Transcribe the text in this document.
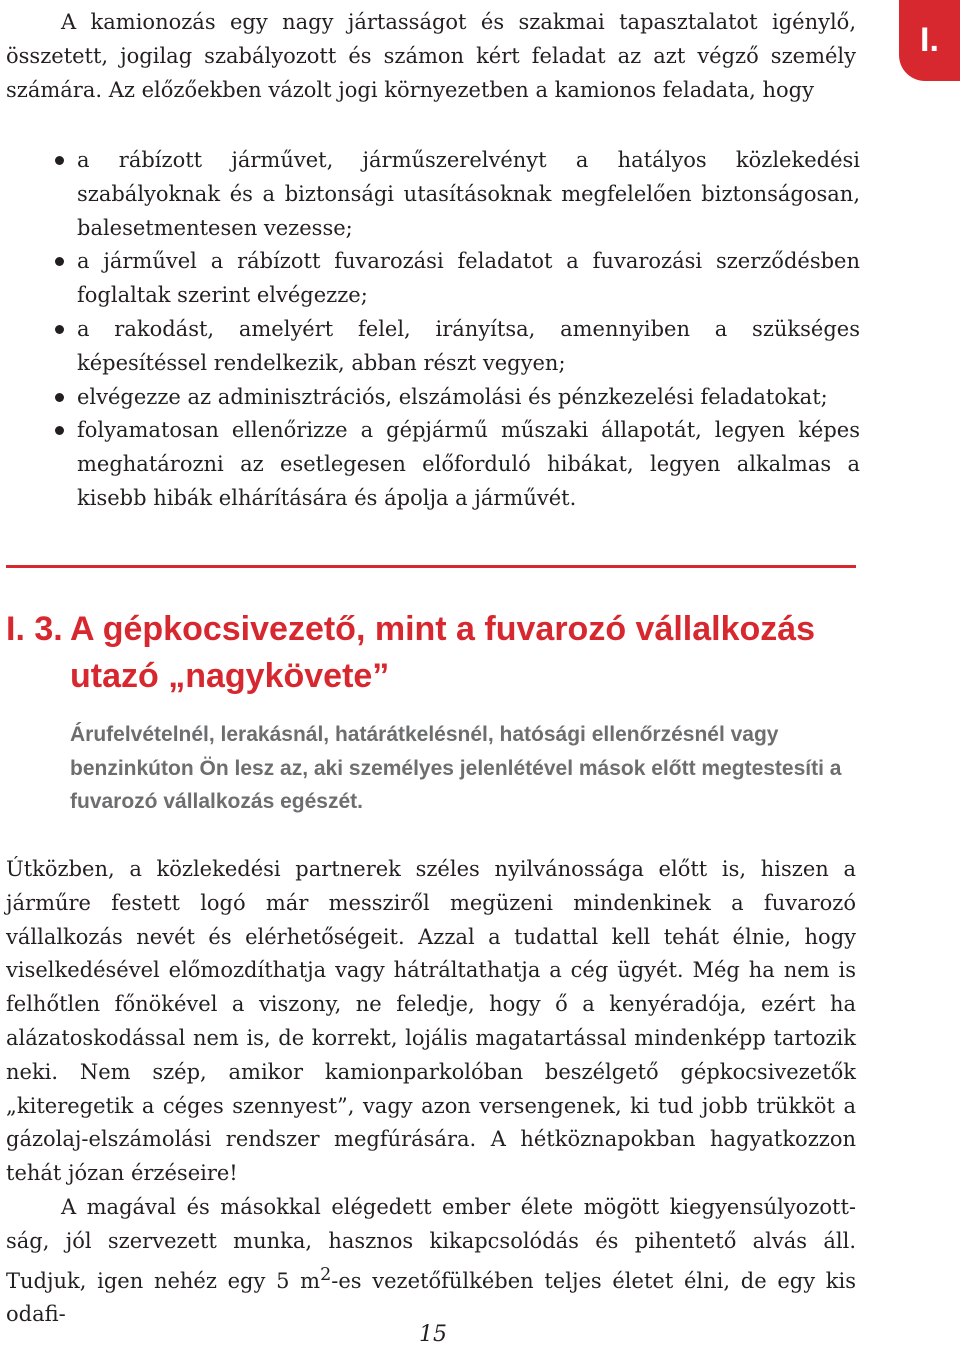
I.

A kamionozás egy nagy jártasságot és szakmai tapasztalatot igénylő, összetett, jogilag szabályozott és számon kért feladat az azt végző személy számára. Az előzőekben vázolt jogi környezetben a kamionos feladata, hogy

a rábízott járművet, járműszerelvényt a hatályos közlekedési szabályoknak és a biztonsági utasításoknak megfelelően biztonságosan, balesetmentesen vezesse;
a járművel a rábízott fuvarozási feladatot a fuvarozási szerződésben foglaltak szerint elvégezze;
a rakodást, amelyért felel, irányítsa, amennyiben a szükséges képesítéssel rendelkezik, abban részt vegyen;
elvégezze az adminisztrációs, elszámolási és pénzkezelési feladatokat;
folyamatosan ellenőrizze a gépjármű műszaki állapotát, legyen képes meghatározni az esetlegesen előforduló hibákat, legyen alkalmas a kisebb hibák elhárítására és ápolja a járművét.
I. 3. A gépkocsivezető, mint a fuvarozó vállalkozás
utazó „nagykövete”

Árufelvételnél, lerakásnál, határátkelésnél, hatósági ellenőrzésnél vagy benzinkúton Ön lesz az, aki személyes jelenlétével mások előtt megtestesíti a fuvarozó vállalkozás egészét.

Útközben, a közlekedési partnerek széles nyilvánossága előtt is, hiszen a járműre festett logó már messziről megüzeni mindenkinek a fuvarozó vállalkozás nevét és elérhetőségeit. Azzal a tudattal kell tehát élnie, hogy viselkedésével előmozdíthatja vagy hátráltathatja a cég ügyét. Még ha nem is felhőtlen főnökével a viszony, ne feledje, hogy ő a kenyéradója, ezért ha alázatoskodással nem is, de korrekt, lojális magatartással mindenképp tartozik neki. Nem szép, amikor kamionparkolóban beszélgető gépkocsivezetők „kiteregetik a céges szennyest”, vagy azon versengenek, ki tud jobb trükköt a gázolaj-elszámolási rendszer megfúrására. A hétköznapokban hagyatkozzon tehát józan érzéseire!

A magával és másokkal elégedett ember élete mögött kiegyensúlyozott-ság, jól szervezett munka, hasznos kikapcsolódás és pihentető alvás áll. Tudjuk, igen nehéz egy 5 $m^2-es$ vezetőfülkében teljes életet élni, de egy kis odafi-

15
